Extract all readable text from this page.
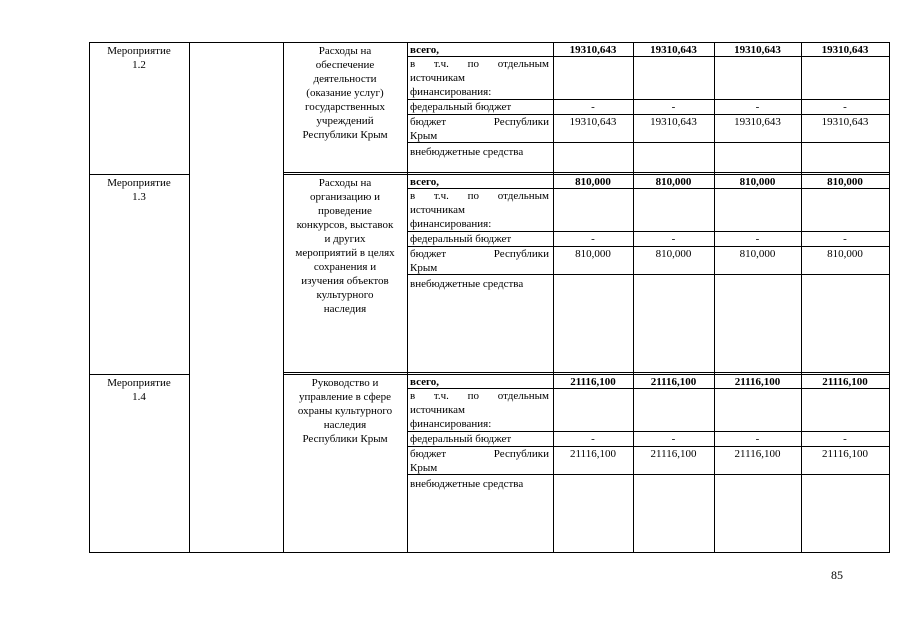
Мероприятие
1.2
Расходы на
обеспечение
деятельности
(оказание услуг)
государственных
учреждений
Республики Крым
всего,
в т.ч. по отдельным
источникам
финансирования:
федеральный бюджет
бюджет Республики
Крым
внебюджетные средства
19310,643
-
19310,643
19310,643
-
19310,643
19310,643
-
19310,643
19310,643
-
19310,643
Мероприятие
1.3
Расходы на
организацию и
проведение
конкурсов, выставок
и других
мероприятий в целях
сохранения и
изучения объектов
культурного
наследия
всего,
в т.ч. по отдельным
источникам
финансирования:
федеральный бюджет
бюджет Республики
Крым
внебюджетные средства
810,000
-
810,000
810,000
-
810,000
810,000
-
810,000
810,000
-
810,000
Мероприятие
1.4
Руководство и
управление в сфере
охраны культурного
наследия
Республики Крым
всего,
в т.ч. по отдельным
источникам
финансирования:
федеральный бюджет
бюджет Республики
Крым
внебюджетные средства
21116,100
-
21116,100
21116,100
-
21116,100
21116,100
-
21116,100
21116,100
-
21116,100
85
